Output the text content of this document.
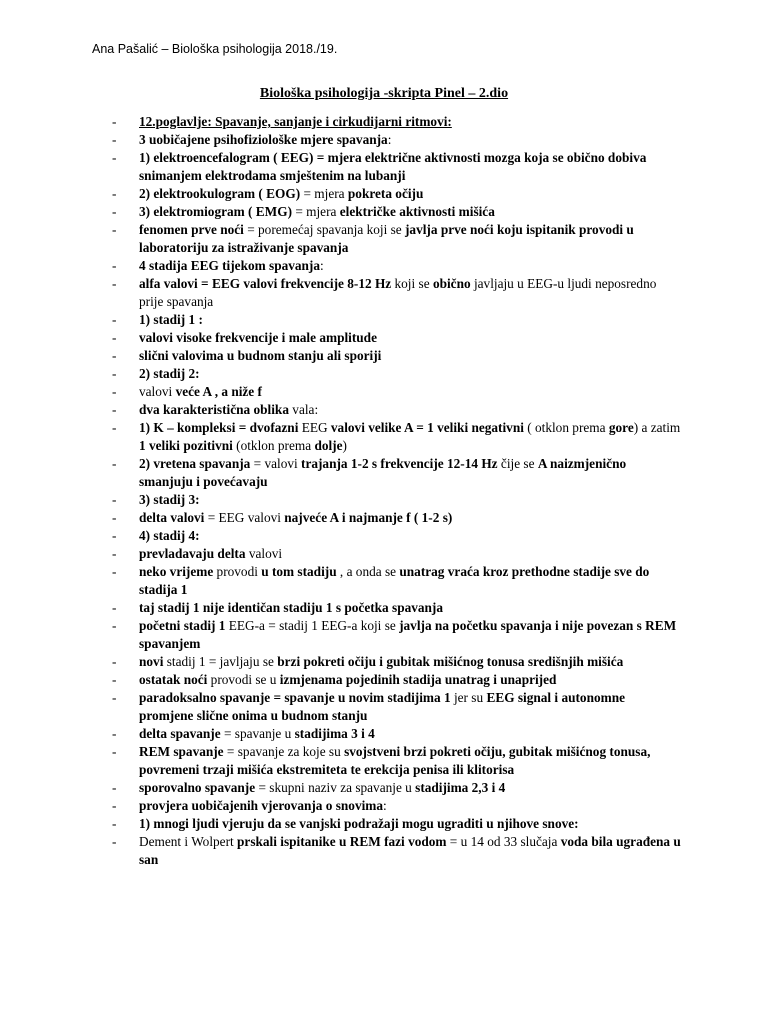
Ana Pašalić – Biološka psihologija 2018./19.
Biološka psihologija -skripta Pinel – 2.dio
- 12.poglavlje: Spavanje, sanjanje i cirkudijarni ritmovi:
- 3 uobičajene psihofiziološke mjere spavanja:
- 1) elektroencefalogram ( EEG) = mjera električne aktivnosti mozga koja se obično dobiva snimanjem elektrodama smještenim na lubanji
- 2) elektrookulogram ( EOG) = mjera pokreta očiju
- 3) elektromiogram ( EMG) = mjera električke aktivnosti mišića
- fenomen prve noći = poremećaj spavanja koji se javlja prve noći koju ispitanik provodi u laboratoriju za istraživanje spavanja
- 4 stadija EEG tijekom spavanja:
- alfa valovi = EEG valovi frekvencije 8-12 Hz koji se obično javljaju u EEG-u ljudi neposredno prije spavanja
- 1) stadij 1 :
- valovi visoke frekvencije i male amplitude
- slični valovima u budnom stanju ali sporiji
- 2) stadij 2:
- valovi veće A , a niže f
- dva karakteristična oblika vala:
- 1) K – kompleksi = dvofazni EEG valovi velike A = 1 veliki negativni ( otklon prema gore) a zatim 1 veliki pozitivni (otklon prema dolje)
- 2) vretena spavanja = valovi trajanja 1-2 s frekvencije 12-14 Hz čije se A naizmjenično smanjuju i povećavaju
- 3) stadij 3:
- delta valovi = EEG valovi najveće A i najmanje f ( 1-2 s)
- 4) stadij 4:
- prevladavaju delta valovi
- neko vrijeme provodi u tom stadiju , a onda se unatrag vraća kroz prethodne stadije sve do stadija 1
- taj stadij 1 nije identičan stadiju 1 s početka spavanja
- početni stadij 1 EEG-a = stadij 1 EEG-a koji se javlja na početku spavanja i nije povezan s REM spavanjem
- novi stadij 1 = javljaju se brzi pokreti očiju i gubitak mišićnog tonusa središnjih mišića
- ostatak noći provodi se u izmjenama pojedinih stadija unatrag i unaprijed
- paradoksalno spavanje = spavanje u novim stadijima 1 jer su EEG signal i autonomne promjene slične onima u budnom stanju
- delta spavanje = spavanje u stadijima 3 i 4
- REM spavanje = spavanje za koje su svojstveni brzi pokreti očiju, gubitak mišićnog tonusa, povremeni trzaji mišića ekstremiteta te erekcija penisa ili klitorisa
- sporovalno spavanje = skupni naziv za spavanje u stadijima 2,3 i 4
- provjera uobičajenih vjerovanja o snovima:
- 1) mnogi ljudi vjeruju da se vanjski podražaji mogu ugraditi u njihove snove:
- Dement i Wolpert prskali ispitanike u REM fazi vodom = u 14 od 33 slučaja voda bila ugrađena u san
